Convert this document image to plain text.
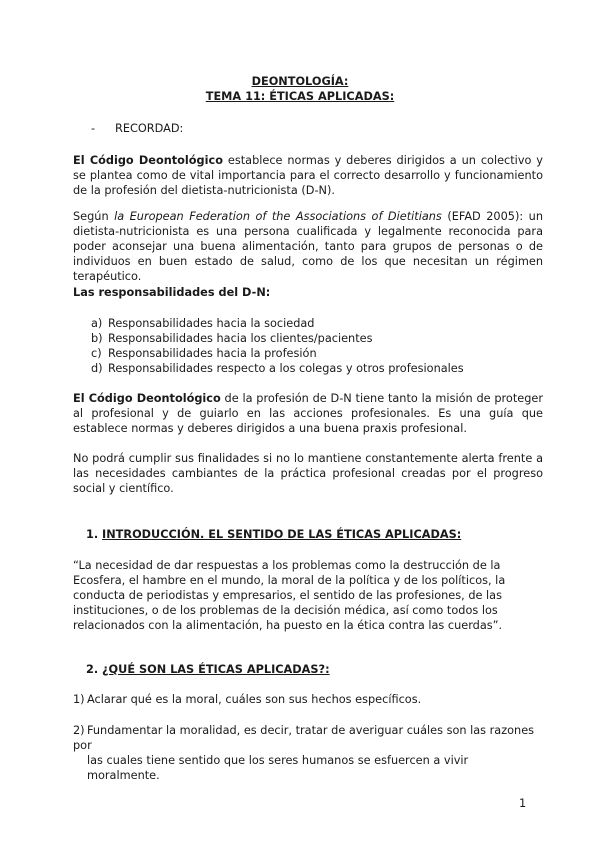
DEONTOLOGÍA:
TEMA 11: ÉTICAS APLICADAS:
- RECORDAD:

El Código Deontológico establece normas y deberes dirigidos a un colectivo y se plantea como de vital importancia para el correcto desarrollo y funcionamiento de la profesión del dietista-nutricionista (D-N).

Según la European Federation of the Associations of Dietitians (EFAD 2005): un dietista-nutricionista es una persona cualificada y legalmente reconocida para poder aconsejar una buena alimentación, tanto para grupos de personas o de individuos en buen estado de salud, como de los que necesitan un régimen terapéutico.

Las responsabilidades del D-N:

a) Responsabilidades hacia la sociedad
b) Responsabilidades hacia los clientes/pacientes
c) Responsabilidades hacia la profesión
d) Responsabilidades respecto a los colegas y otros profesionales

El Código Deontológico de la profesión de D-N tiene tanto la misión de proteger al profesional y de guiarlo en las acciones profesionales. Es una guía que establece normas y deberes dirigidos a una buena praxis profesional.

No podrá cumplir sus finalidades si no lo mantiene constantemente alerta frente a las necesidades cambiantes de la práctica profesional creadas por el progreso social y científico.

1. INTRODUCCIÓN. EL SENTIDO DE LAS ÉTICAS APLICADAS:

“La necesidad de dar respuestas a los problemas como la destrucción de la Ecosfera, el hambre en el mundo, la moral de la política y de los políticos, la conducta de periodistas y empresarios, el sentido de las profesiones, de las instituciones, o de los problemas de la decisión médica, así como todos los relacionados con la alimentación, ha puesto en la ética contra las cuerdas”.

2. ¿QUÉ SON LAS ÉTICAS APLICADAS?:
1) Aclarar qué es la moral, cuáles son sus hechos específicos.
2) Fundamentar la moralidad, es decir, tratar de averiguar cuáles son las razones por
las cuales tiene sentido que los seres humanos se esfuercen a vivir moralmente.
1
